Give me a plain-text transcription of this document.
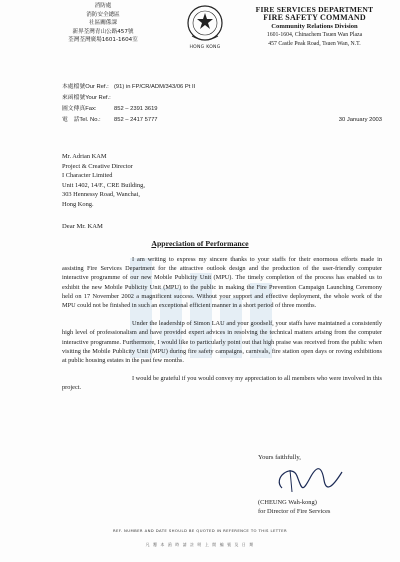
消防處
消防安全總區
社區關係課
新界荃灣青山公路457號
荃灣荃灣廣場1601-1604室
HONG KONG
FIRE SERVICES DEPARTMENT
FIRE SAFETY COMMAND
Community Relations Division
1601-1604, Chinachem Tsuen Wan Plaza
457 Castle Peak Road, Tsuen Wan, N.T.
本處檔號Our Ref.: (91) in FP/CR/ADM/343/06 Pt II
來函檔號Your Ref.:
圖文傳真Fax:	852 – 2391 3619
電　話Tel. No.:	852 – 2417 5777	30 January 2003
Mr. Adrian KAM
Project & Creative Director
I Character Limited
Unit 1402, 14/F., CRE Building,
303 Hennessy Road, Wanchai,
Hong Kong.
Dear Mr. KAM
Appreciation of Performance

I am writing to express my sincere thanks to your staffs for their enormous efforts made in assisting Fire Services Department for the attractive outlook design and the production of the user-friendly computer interactive programme of our new Mobile Publicity Unit (MPU). The timely completion of the process has enabled us to exhibit the new Mobile Publicity Unit (MPU) to the public in making the Fire Prevention Campaign Launching Ceremony held on 17 November 2002 a magnificent success. Without your support and effective deployment, the whole work of the MPU could not be finished in such an exceptional efficient manner in a short period of three months.

Under the leadership of Simon LAU and your goodself, your staffs have maintained a consistently high level of professionalism and have provided expert advices in resolving the technical matters arising from the computer interactive programme. Furthermore, I would like to particularly point out that high praise was received from the public when visiting the Mobile Publicity Unit (MPU) during fire safety campaigns, carnivals, fire station open days or roving exhibitions at public housing estates in the past few months.

I would be grateful if you would convey my appreciation to all members who were involved in this project.

Yours faithfully,
(CHEUNG Wah-kong)
for Director of Fire Services
REF. NUMBER AND DATE SHOULD BE QUOTED IN REFERENCE TO THIS LETTER
凡 覆 本 函 時 請 註 明 上 開 編 號 及 日 期
